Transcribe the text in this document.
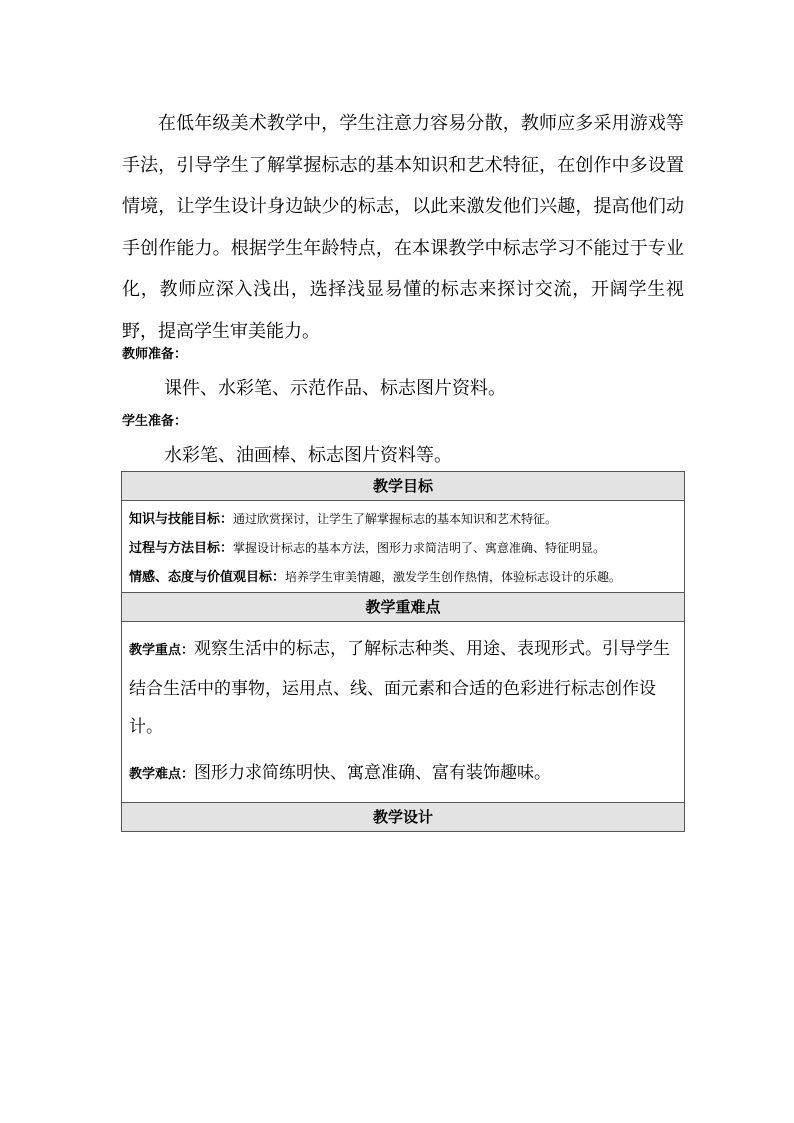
在低年级美术教学中，学生注意力容易分散，教师应多采用游戏等手法，引导学生了解掌握标志的基本知识和艺术特征，在创作中多设置情境，让学生设计身边缺少的标志，以此来激发他们兴趣，提高他们动手创作能力。根据学生年龄特点，在本课教学中标志学习不能过于专业化，教师应深入浅出，选择浅显易懂的标志来探讨交流，开阔学生视野，提高学生审美能力。

教师准备：

课件、水彩笔、示范作品、标志图片资料。

学生准备：

水彩笔、油画棒、标志图片资料等。

教学目标
知识与技能目标：通过欣赏探讨，让学生了解掌握标志的基本知识和艺术特征。
过程与方法目标：掌握设计标志的基本方法，图形力求简洁明了、寓意准确、特征明显。
情感、态度与价值观目标：培养学生审美情趣，激发学生创作热情，体验标志设计的乐趣。
教学重难点

教学重点：观察生活中的标志，了解标志种类、用途、表现形式。引导学生结合生活中的事物，运用点、线、面元素和合适的色彩进行标志创作设计。

教学难点：图形力求简练明快、寓意准确、富有装饰趣味。

教学设计
